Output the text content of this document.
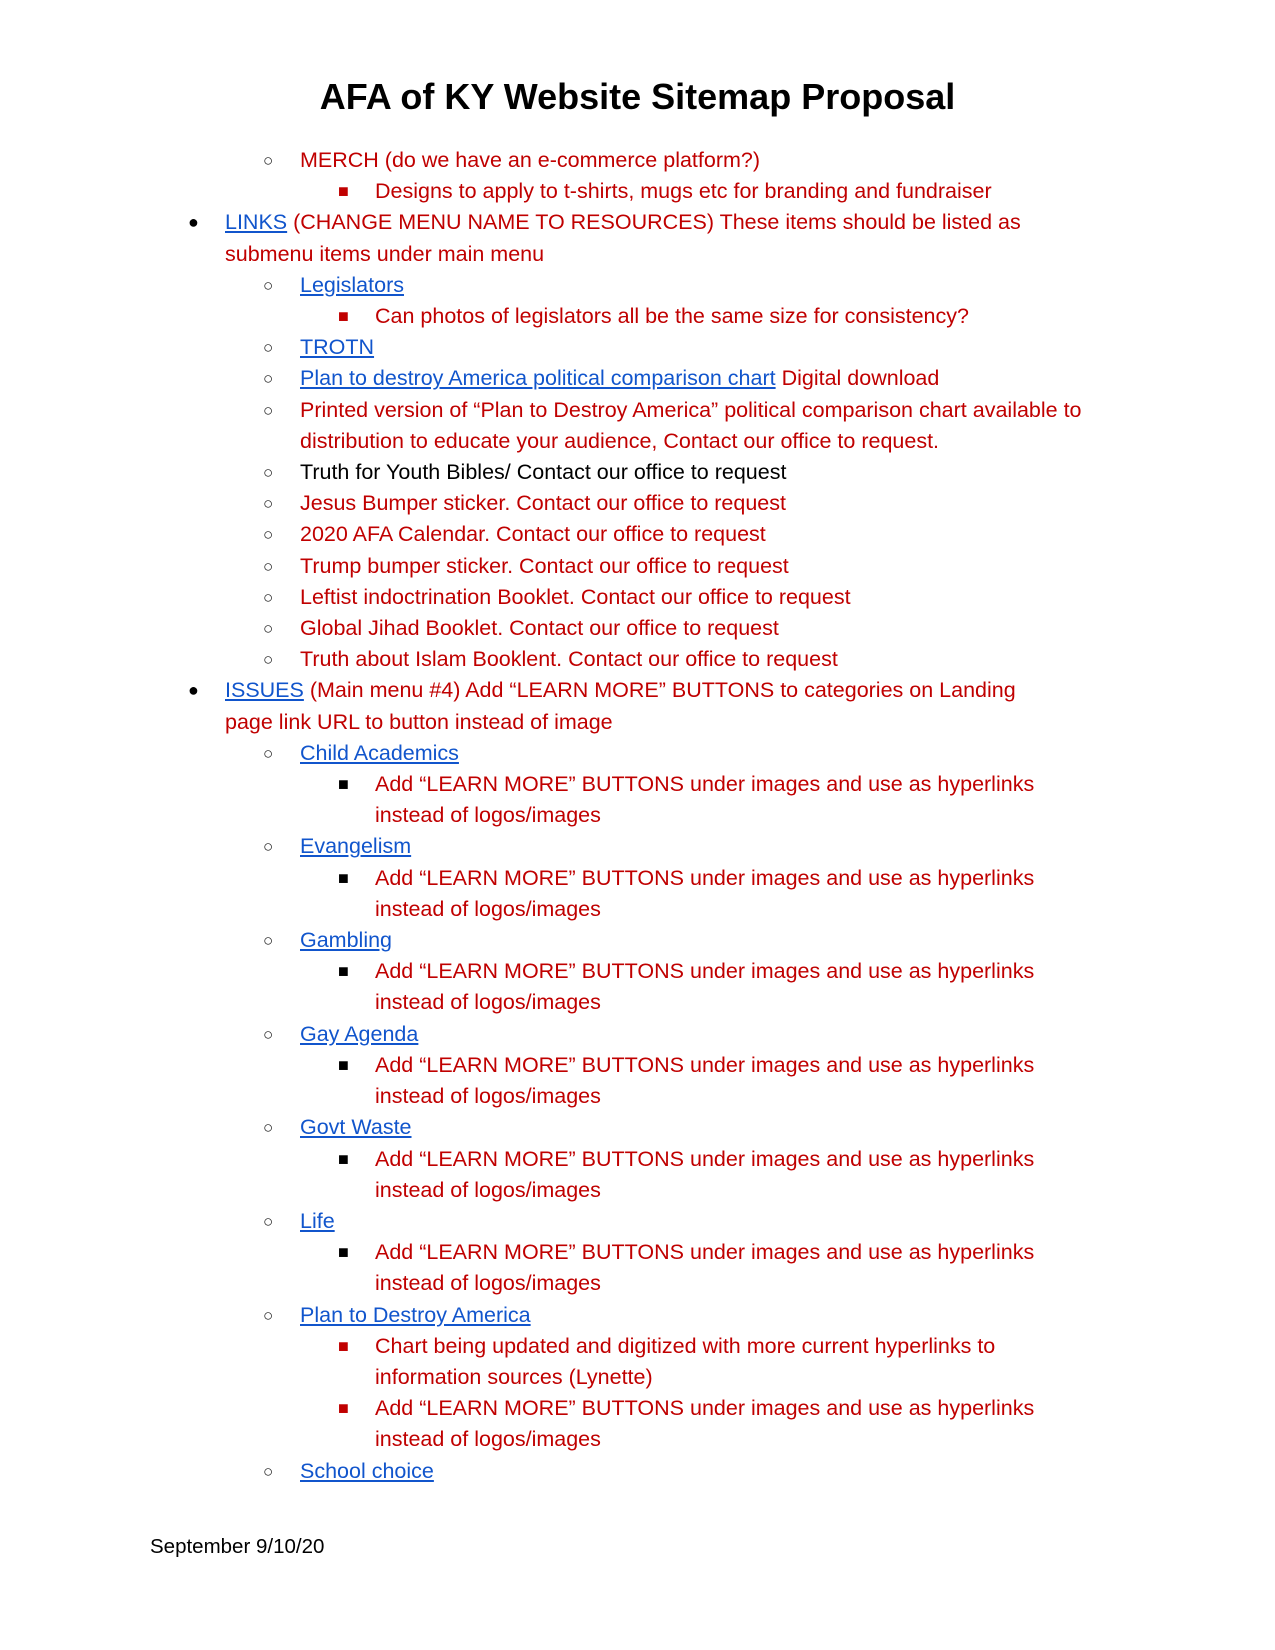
AFA of KY Website Sitemap Proposal
○ MERCH (do we have an e-commerce platform?)
■ Designs to apply to t-shirts, mugs etc for branding and fundraiser
● LINKS (CHANGE MENU NAME TO RESOURCES) These items should be listed as submenu items under main menu
○ Legislators
■ Can photos of legislators all be the same size for consistency?
○ TROTN
○ Plan to destroy America political comparison chart Digital download
○ Printed version of “Plan to Destroy America” political comparison chart available to distribution to educate your audience, Contact our office to request.
○ Truth for Youth Bibles/ Contact our office to request
○ Jesus Bumper sticker. Contact our office to request
○ 2020 AFA Calendar. Contact our office to request
○ Trump bumper sticker. Contact our office to request
○ Leftist indoctrination Booklet. Contact our office to request
○ Global Jihad Booklet. Contact our office to request
○ Truth about Islam Booklent. Contact our office to request
● ISSUES (Main menu #4) Add “LEARN MORE” BUTTONS to categories on Landing page link URL to button instead of image
○ Child Academics
■ Add “LEARN MORE” BUTTONS under images and use as hyperlinks instead of logos/images
○ Evangelism
■ Add “LEARN MORE” BUTTONS under images and use as hyperlinks instead of logos/images
○ Gambling
■ Add “LEARN MORE” BUTTONS under images and use as hyperlinks instead of logos/images
○ Gay Agenda
■ Add “LEARN MORE” BUTTONS under images and use as hyperlinks instead of logos/images
○ Govt Waste
■ Add “LEARN MORE” BUTTONS under images and use as hyperlinks instead of logos/images
○ Life
■ Add “LEARN MORE” BUTTONS under images and use as hyperlinks instead of logos/images
○ Plan to Destroy America
■ Chart being updated and digitized with more current hyperlinks to information sources (Lynette)
■ Add “LEARN MORE” BUTTONS under images and use as hyperlinks instead of logos/images
○ School choice
September 9/10/20
